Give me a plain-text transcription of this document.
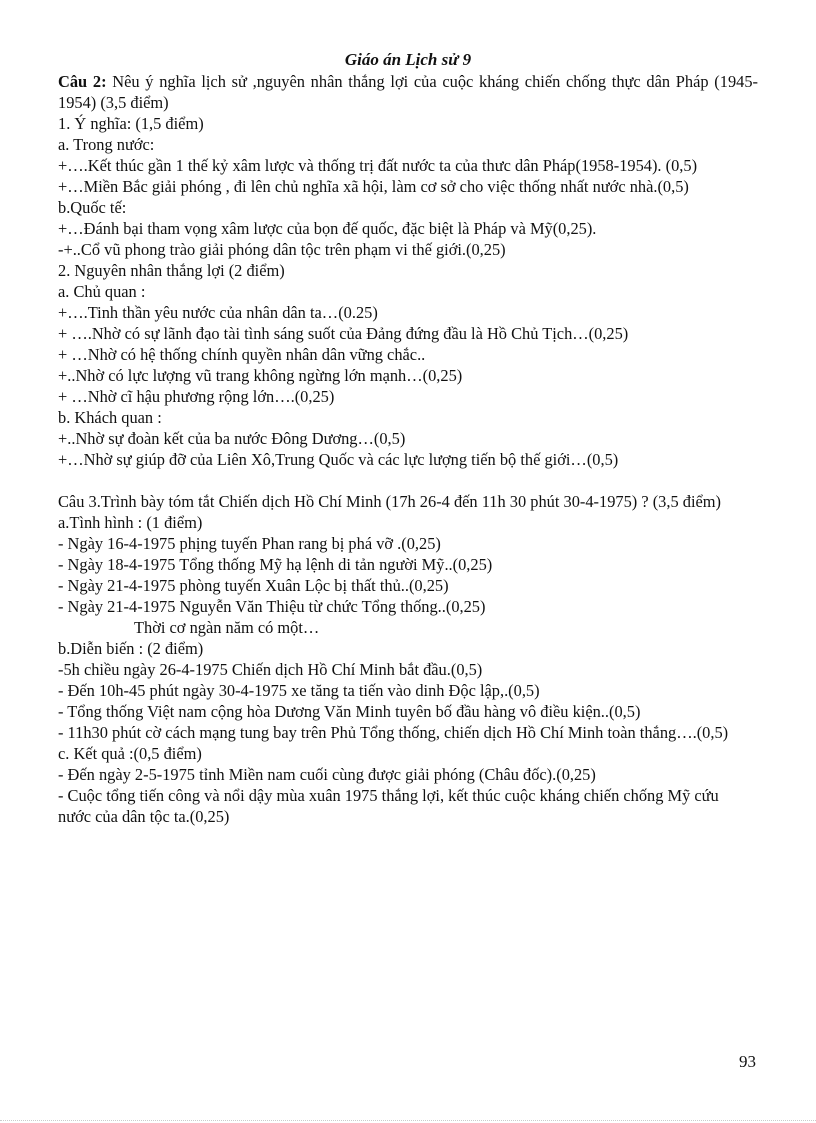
Giáo án Lịch sử 9

Câu 2: Nêu ý nghĩa lịch sử ,nguyên nhân thắng lợi của cuộc kháng chiến chống thực dân Pháp (1945-1954) (3,5 điểm)

1. Ý nghĩa: (1,5 điểm)

a. Trong nước:

+….Kết thúc gần 1 thế kỷ xâm lược và thống trị đất nước ta của thưc dân Pháp(1958-1954). (0,5)

+…Miền Bắc giải phóng , đi lên chủ nghĩa xã hội, làm cơ sở cho việc thống nhất nước nhà.(0,5)

b.Quốc tế:

+…Đánh bại tham vọng xâm lược của bọn đế quốc, đặc biệt là Pháp và Mỹ(0,25).

-+..Cổ vũ phong trào giải phóng dân tộc trên phạm vi thế giới.(0,25)

2. Nguyên nhân thắng lợi (2 điểm)

a. Chủ quan :

+….Tinh thần yêu nước của nhân dân ta…(0.25)

+ ….Nhờ có sự lãnh đạo tài tình sáng suốt của Đảng đứng đầu là Hồ Chủ Tịch…(0,25)

+ …Nhờ có hệ thống chính quyền nhân dân vững chắc..

+..Nhờ có lực lượng vũ trang không ngừng lớn mạnh…(0,25)

+ …Nhờ cĩ hậu phương rộng lớn….(0,25)

b. Khách quan :

+..Nhờ sự đoàn kết của ba nước Đông Dương…(0,5)

+…Nhờ sự giúp đỡ của Liên Xô,Trung Quốc và các lực lượng tiến bộ thế giới…(0,5)

Câu 3.Trình bày tóm tắt Chiến dịch Hồ Chí Minh (17h 26-4 đến 11h 30 phút 30-4-1975) ? (3,5 điểm)

a.Tình hình : (1 điểm)

- Ngày 16-4-1975 phịng tuyến Phan rang bị phá vỡ .(0,25)

- Ngày 18-4-1975 Tổng thống Mỹ hạ lệnh di tản người Mỹ..(0,25)

- Ngày 21-4-1975 phòng tuyến Xuân Lộc bị thất thủ..(0,25)

- Ngày 21-4-1975 Nguyễn Văn Thiệu từ chức Tổng thống..(0,25)

Thời cơ ngàn năm có một…

b.Diễn biến : (2 điểm)

-5h chiều ngày 26-4-1975 Chiến dịch Hồ Chí Minh bắt đầu.(0,5)

- Đến 10h-45 phút ngày 30-4-1975 xe tăng ta tiến vào dinh Độc lập,.(0,5)

- Tổng thống Việt nam cộng hòa Dương Văn Minh tuyên bố đầu hàng vô điều kiện..(0,5)

- 11h30 phút cờ cách mạng tung bay trên Phủ Tổng thống, chiến dịch Hồ Chí Minh toàn thắng….(0,5)

c. Kết quả :(0,5 điểm)

- Đến ngày 2-5-1975 tỉnh Miền nam cuối cùng được giải phóng (Châu đốc).(0,25)

- Cuộc tổng tiến công và nổi dậy mùa xuân 1975 thắng lợi, kết thúc cuộc kháng chiến chống Mỹ cứu nước của dân tộc ta.(0,25)

93
